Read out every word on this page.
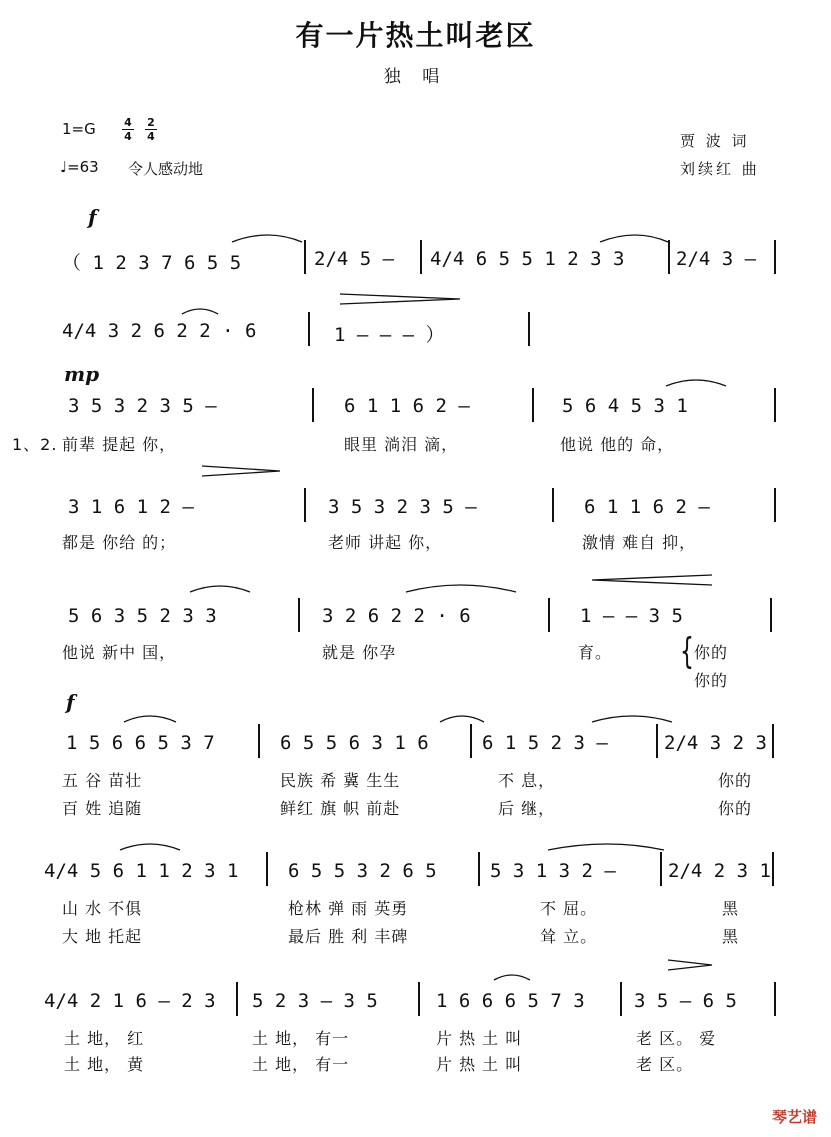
有一片热土叫老区
独 唱
1=G	4
4
2
4
♩=63 令人感动地
贾 波 词
刘续红 曲
f
（ 1 2 3 7 6 5 5	2/4 5 – 4/4 6 5 5 1 2 3 3	2/4 3 –
4/4 3 2 6 2 2 · 6	1 – – – ）
mp
3 5 3 2 3 5 –	6 1 1 6 2 –	5 6 4 5 3 1
1、2. 前辈 提起 你，	眼里 淌泪 滴，	他说 他的 命，
3 1 6 1 2 –	3 5 3 2 3 5 –	6 1 1 6 2 –
都是 你给 的；	老师 讲起 你，	激情 难自 抑，
5 6 3 5 2 3 3	3 2 6 2 2 · 6	1 – – 3 5
他说 新中 国，	就是 你孕	育。	{ 你的
你的
f
1 5 6 6 5 3 7	6 5 5 6 3 1 6	6 1 5 2 3 –	2/4 3 2 3
五 谷 苗壮	民族 希 冀 生生	不 息，	你的
百 姓 追随	鲜红 旗 帜 前赴	后 继，	你的
4/4 5 6 1 1 2 3 1	6 5 5 3 2 6 5	5 3 1 3 2 –	2/4 2 3 1
山 水 不俱	枪林 弹 雨 英勇	不 屈。	黑
大 地 托起	最后 胜 利 丰碑	耸 立。	黑
4/4 2 1 6 – 2 3 5 2 3 – 3 5	1 6 6 6 5 7 3	3 5 – 6 5
土 地， 红	土 地， 有一	片 热 土 叫	老 区。 爱
土 地， 黄	土 地， 有一	片 热 土 叫	老 区。
琴艺谱
